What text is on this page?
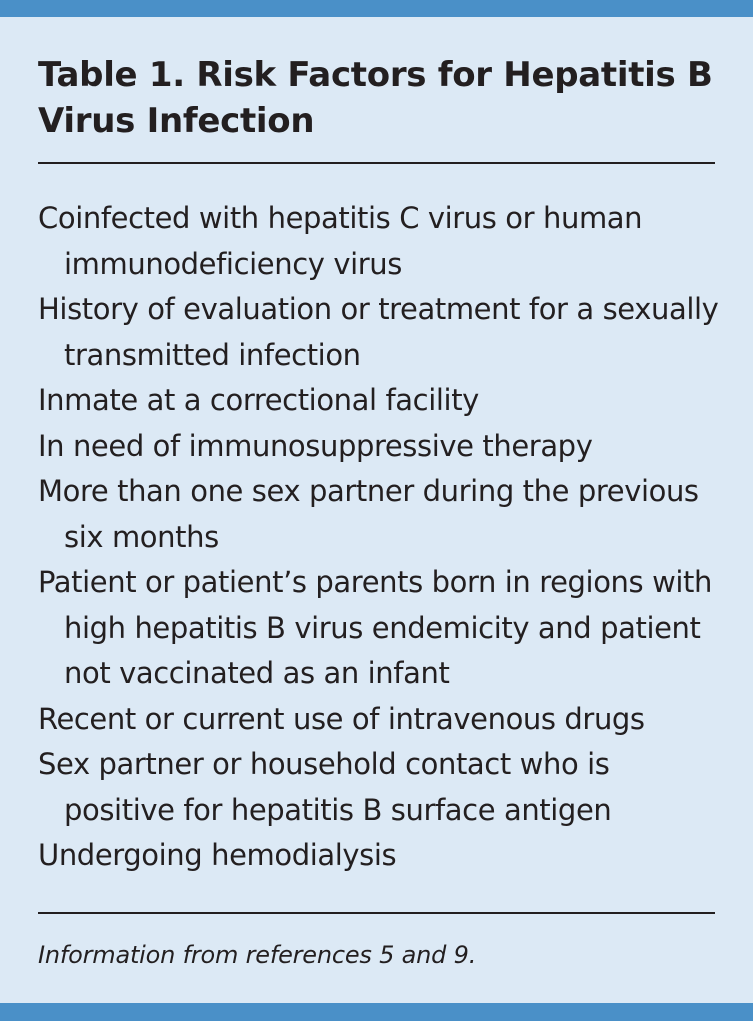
Table 1. Risk Factors for Hepatitis B Virus Infection
Coinfected with hepatitis C virus or human immunodeficiency virus
History of evaluation or treatment for a sexually transmitted infection
Inmate at a correctional facility
In need of immunosuppressive therapy
More than one sex partner during the previous six months
Patient or patient’s parents born in regions with high hepatitis B virus endemicity and patient not vaccinated as an infant
Recent or current use of intravenous drugs
Sex partner or household contact who is positive for hepatitis B surface antigen
Undergoing hemodialysis

Information from references 5 and 9.
